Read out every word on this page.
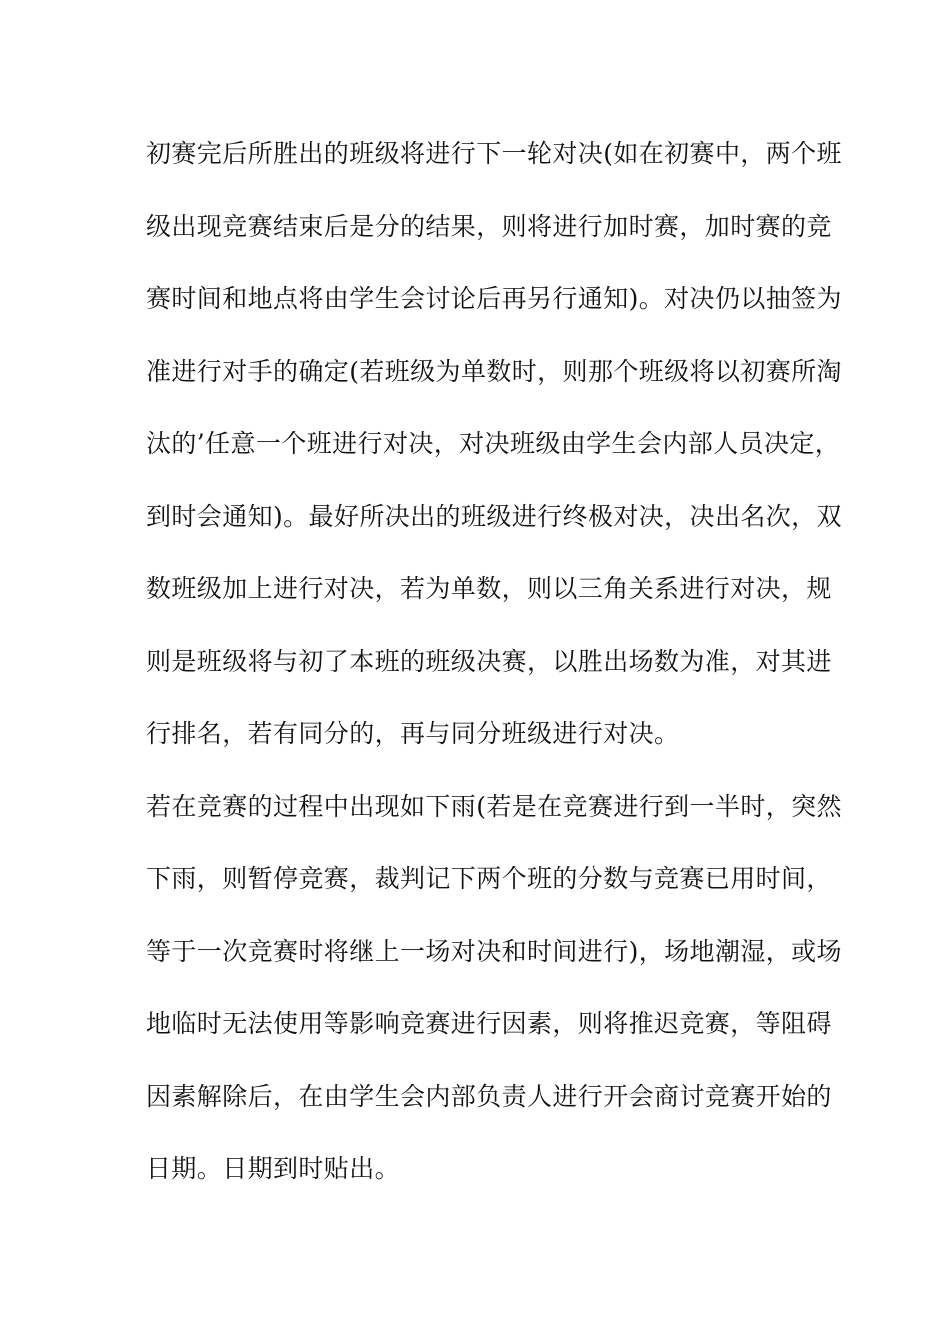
初赛完后所胜出的班级将进行下一轮对决(如在初赛中，两个班
级出现竞赛结束后是分的结果，则将进行加时赛，加时赛的竞
赛时间和地点将由学生会讨论后再另行通知)。对决仍以抽签为
准进行对手的确定(若班级为单数时，则那个班级将以初赛所淘
汰的’任意一个班进行对决，对决班级由学生会内部人员决定，
到时会通知)。最好所决出的班级进行终极对决，决出名次，双
数班级加上进行对决，若为单数，则以三角关系进行对决，规
则是班级将与初了本班的班级决赛，以胜出场数为准，对其进
行排名，若有同分的，再与同分班级进行对决。
若在竞赛的过程中出现如下雨(若是在竞赛进行到一半时，突然
下雨，则暂停竞赛，裁判记下两个班的分数与竞赛已用时间，
等于一次竞赛时将继上一场对决和时间进行)，场地潮湿，或场
地临时无法使用等影响竞赛进行因素，则将推迟竞赛，等阻碍
因素解除后，在由学生会内部负责人进行开会商讨竞赛开始的
日期。日期到时贴出。
